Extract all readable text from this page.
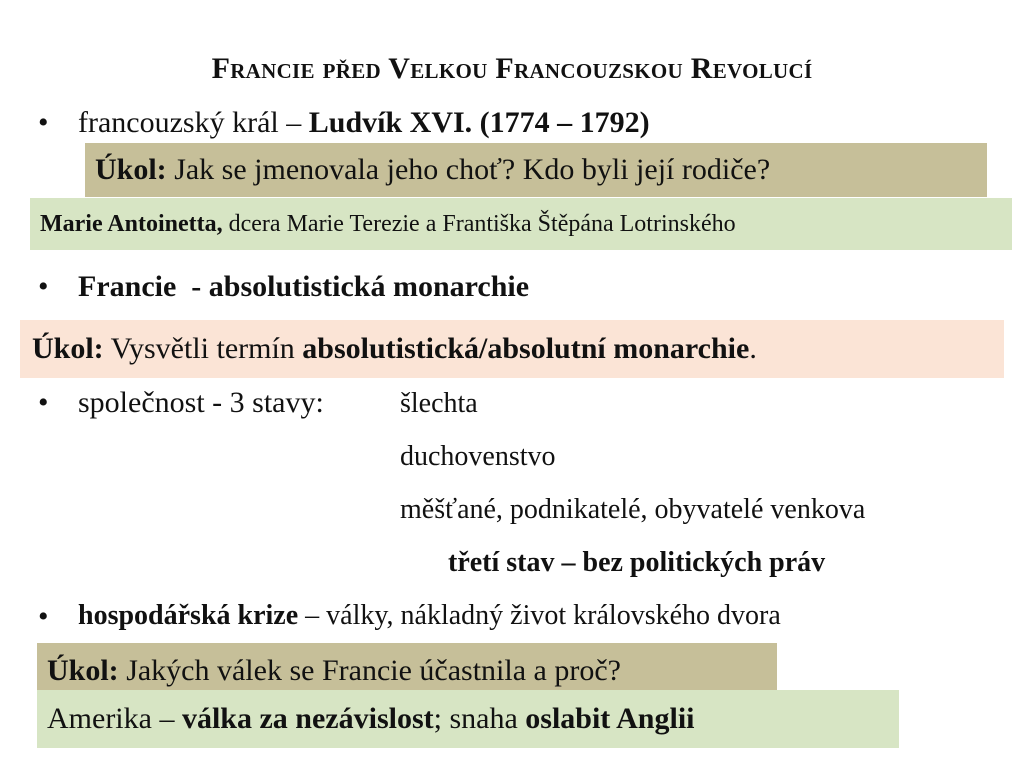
Francie před Velkou Francouzskou Revolucí
• francouzský král – Ludvík XVI. (1774 – 1792)
Úkol: Jak se jmenovala jeho choť? Kdo byli její rodiče?
Marie Antoinetta, dcera Marie Terezie a Františka Štěpána Lotrinského
• Francie  - absolutistická monarchie
Úkol: Vysvětli termín absolutistická/absolutní monarchie.
• společnost - 3 stavy:	šlechta
duchovenstvo
měšťané, podnikatelé, obyvatelé venkova
třetí stav – bez politických práv
• hospodářská krize – války, nákladný život královského dvora
Úkol: Jakých válek se Francie účastnila a proč?
Amerika – válka za nezávislost; snaha oslabit Anglii
